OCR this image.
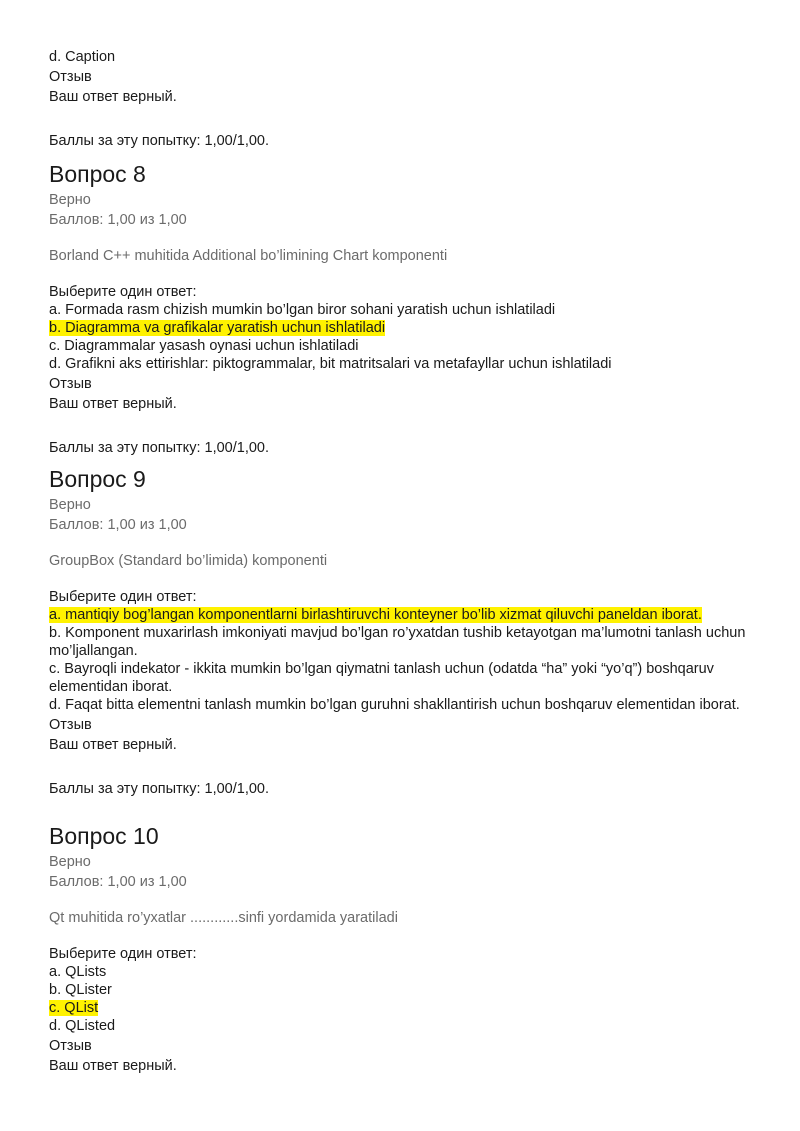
d. Caption

Отзыв

Ваш ответ верный.

Баллы за эту попытку: 1,00/1,00.

Вопрос 8

Верно

Баллов: 1,00 из 1,00

Borland C++ muhitida Additional bo’limining Chart komponenti

Выберите один ответ:

a. Formada rasm chizish mumkin bo’lgan biror sohani yaratish uchun ishlatiladi

b. Diagramma va grafikalar yaratish uchun ishlatiladi

c. Diagrammalar yasash oynasi uchun ishlatiladi

d. Grafikni aks ettirishlar: piktogrammalar, bit matritsalari va metafayllar uchun ishlatiladi

Отзыв

Ваш ответ верный.

Баллы за эту попытку: 1,00/1,00.

Вопрос 9

Верно

Баллов: 1,00 из 1,00

GroupBox (Standard bo’limida) komponenti

Выберите один ответ:

a. mantiqiy bog’langan komponentlarni birlashtiruvchi konteyner bo’lib xizmat qiluvchi paneldan iborat.

b. Komponent muxarirlash imkoniyati mavjud bo’lgan ro’yxatdan tushib ketayotgan ma’lumotni tanlash uchun mo’ljallangan.

c. Bayroqli indekator - ikkita mumkin bo’lgan qiymatni tanlash uchun (odatda “ha” yoki “yo’q”) boshqaruv elementidan iborat.

d. Faqat bitta elementni tanlash mumkin bo’lgan guruhni shakllantirish uchun boshqaruv elementidan iborat.

Отзыв

Ваш ответ верный.

Баллы за эту попытку: 1,00/1,00.

Вопрос 10

Верно

Баллов: 1,00 из 1,00

Qt muhitida ro’yxatlar ............sinfi yordamida yaratiladi

Выберите один ответ:

a. QLists

b. QLister

c. QList

d. QListed

Отзыв

Ваш ответ верный.
